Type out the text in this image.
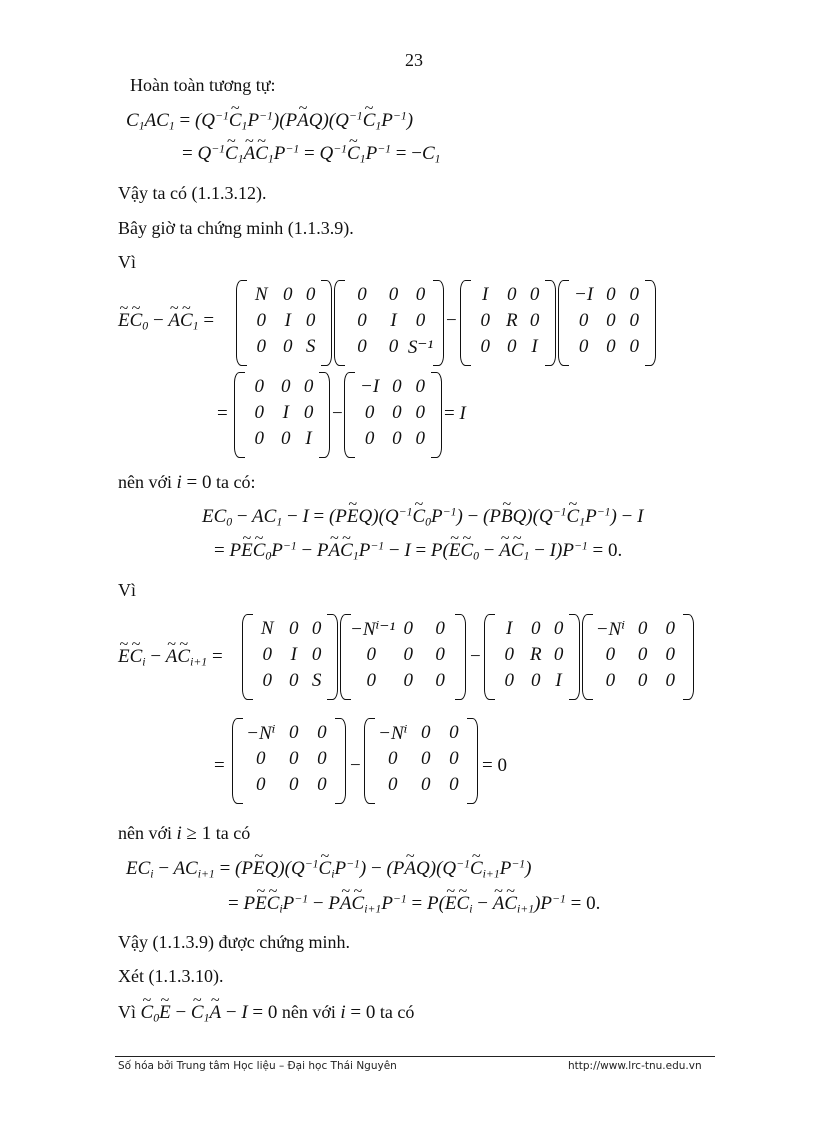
23
Hoàn toàn tương tự:
$C_1AC_1$ = ($Q^{-1}\sim$ $C_1P^{-1})(P\sim$ $AQ)(Q^{-1}\sim$ $C_1P^{-1}$)
= $Q^{-1}\sim$ $C_1\sim$ A~ $C_1P^{-1}$ = $Q^{-1}\sim$ $C_1P^{-1} = -C_1$
Vậy ta có (1.1.3.12).
Bây giờ ta chứng minh (1.1.3.9).
Vì
~ E~ $C_0$ − ~ A~ $C_1$ =
N 0 0
0 I 0
0 0 S
0	0 0
0	I	0
0	0 S⁻¹
−
I 0 0
0 R 0
0 0 I
−I 0 0
0 0 0
0 0 0
=
0 0 0
0 I 0
0 0 I
−
−I 0 0
0 0 0
0 0 0
= I
nên với i = 0 ta có:
$EC_0 - AC_1 - I$ = (P~ $EQ)(Q^{-1}\sim$ $C_0P^{-1}$) − (P~ $BQ)(Q^{-1}\sim$ $C_1P^{-1}) - I$
= P~ E~ $C_0P^{-1}$ − P~ A~ $C_1P^{-1} - I$ = P(~ E~ $C_0$ − ~ A~ $C_1 - I)P^{-1} = 0$.
Vì
~ E~ $C_i$ − ~ A~ $C_{i+1}$ =
N 0 0
0 I 0
0 0 S
−Nⁱ⁻¹ 0	0
0	0	0
0	0	0
−
I 0 0
0 R 0
0 0 I
−Nⁱ 0 0
0	0 0
0	0 0
=
−Nⁱ 0 0
0	0 0
0	0 0
−
−Nⁱ 0 0
0	0 0
0	0 0
= 0
nên với i ≥ 1 ta có
$EC_i - AC_{i+1}$ = (P~ $EQ)(Q^{-1}\sim$ $C_iP^{-1}$) − (P~ $AQ)(Q^{-1}\sim$ $C_{i+1}P^{-1}$)
= P~ E~ $C_iP^{-1}$ − P~ A~ $C_{i+1}P^{-1}$ = P(~ E~ $C_i$ − ~ A~ $C_{i+1})P^{-1} = 0$.
Vậy (1.1.3.9) được chứng minh.
Xét (1.1.3.10).
Vì ~ $C_0\sim$ E − ~ $C_1\sim$ A − I = 0 nên với i = 0 ta có
Số hóa bởi Trung tâm Học liệu – Đại học Thái Nguyên	http://www.lrc-tnu.edu.vn
